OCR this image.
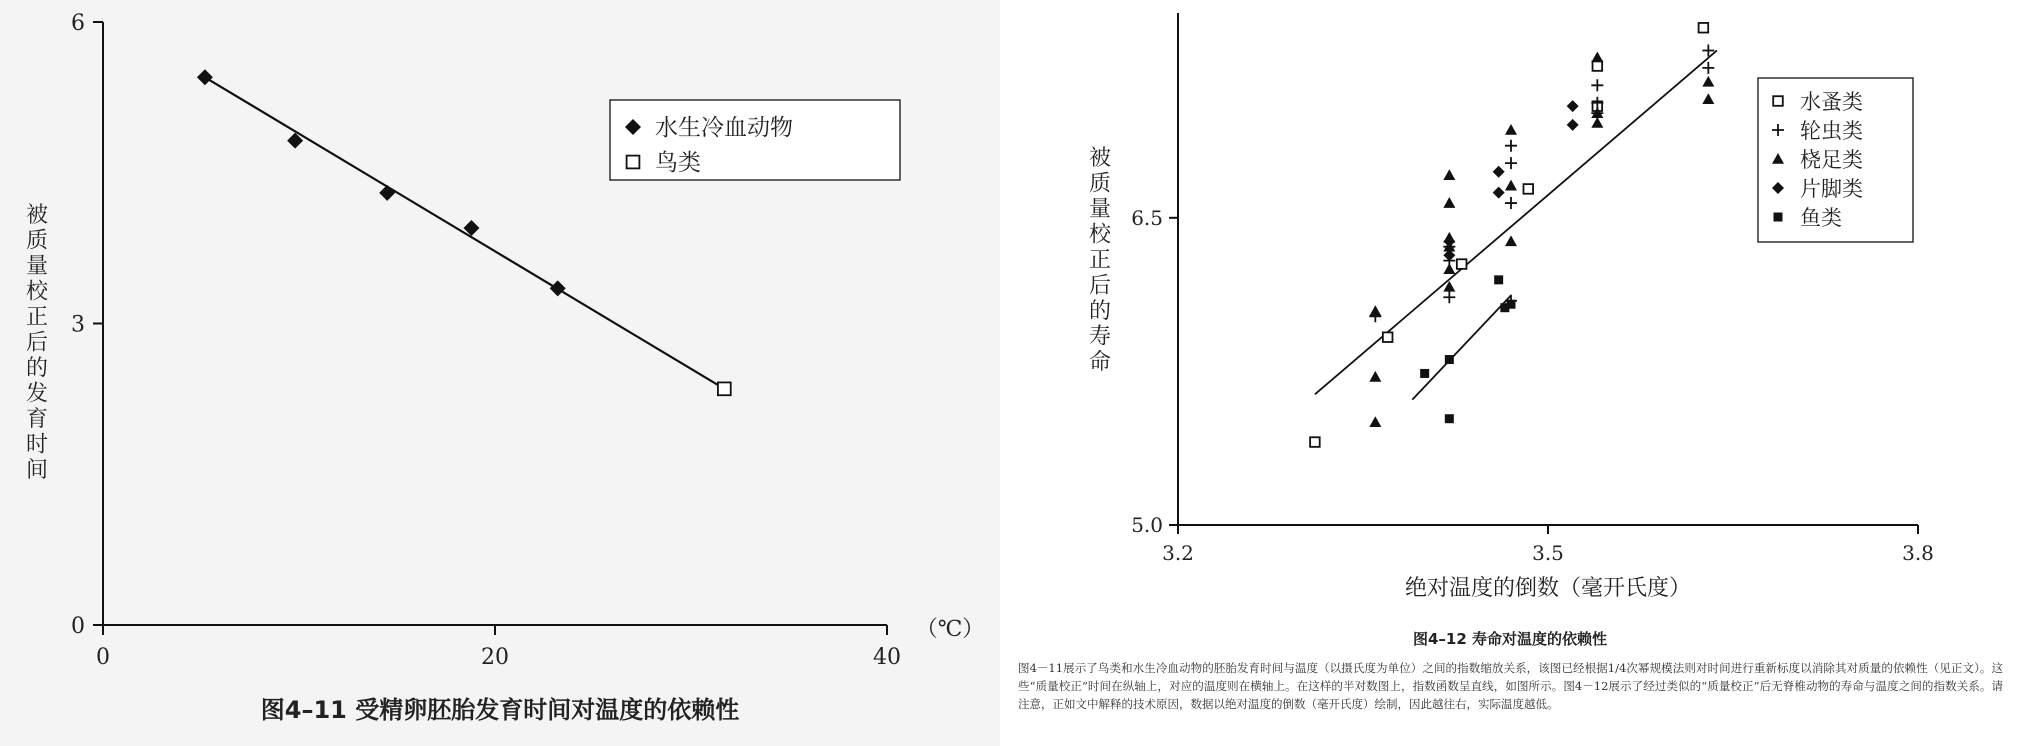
0	20	40
0
3
6
（℃）
被
质
量
校
正
后
的
发
育
时
间
水生冷血动物
鸟类
3.2	3.5	3.8
5.0
6.5
绝对温度的倒数（毫开氏度）
被
质
量
校
正
后
的
寿
命
水蚤类
轮虫类
桡足类
片脚类
鱼类
图4–11 受精卵胚胎发育时间对温度的依赖性
图4–12 寿命对温度的依赖性
图4－11展示了鸟类和水生冷血动物的胚胎发育时间与温度（以摄氏度为单位）之间的指数缩放关系，该图已经根据1/4次幂规模法则对时间进行重新标度以消除其对质量的依赖性（见正文）。这些“质量校正”时间在纵轴上，对应的温度则在横轴上。在这样的半对数图上，指数函数呈直线，如图所示。图4－12展示了经过类似的“质量校正”后无脊椎动物的寿命与温度之间的指数关系。请注意，正如文中解释的技术原因，数据以绝对温度的倒数（毫开氏度）绘制，因此越往右，实际温度越低。
